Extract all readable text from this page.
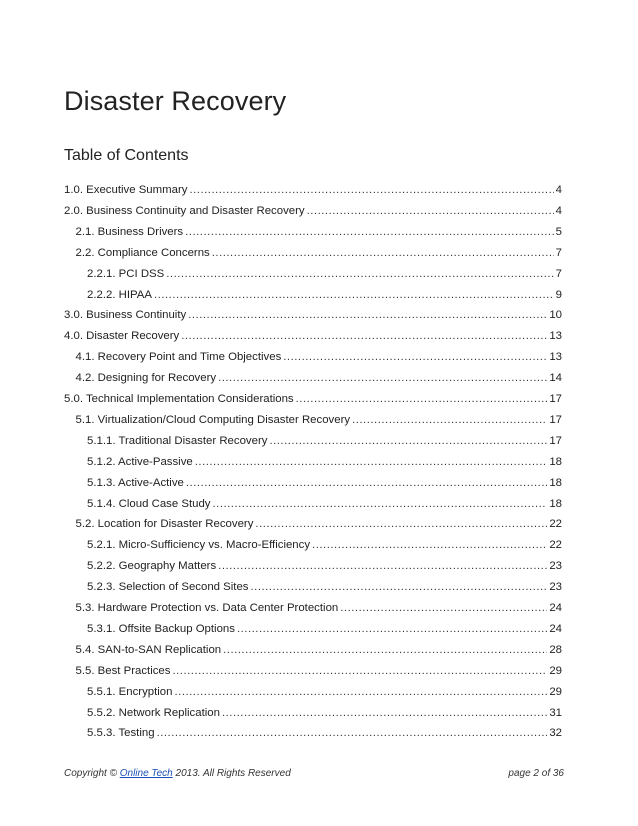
Disaster Recovery
Table of Contents
1.0. Executive Summary .....	4
2.0. Business Continuity and Disaster Recovery .....	4
2.1. Business Drivers .....	5
2.2. Compliance Concerns .....	7
2.2.1. PCI DSS .....	7
2.2.2. HIPAA .....	9
3.0. Business Continuity .....	10
4.0. Disaster Recovery .....	13
4.1. Recovery Point and Time Objectives .....	13
4.2. Designing for Recovery .....	14
5.0. Technical Implementation Considerations .....	17
5.1. Virtualization/Cloud Computing Disaster Recovery .....	17
5.1.1. Traditional Disaster Recovery .....	17
5.1.2. Active-Passive .....	18
5.1.3. Active-Active .....	18
5.1.4. Cloud Case Study .....	18
5.2. Location for Disaster Recovery .....	22
5.2.1. Micro-Sufficiency vs. Macro-Efficiency .....	22
5.2.2. Geography Matters .....	23
5.2.3. Selection of Second Sites .....	23
5.3. Hardware Protection vs. Data Center Protection .....	24
5.3.1. Offsite Backup Options .....	24
5.4. SAN-to-SAN Replication .....	28
5.5. Best Practices .....	29
5.5.1. Encryption .....	29
5.5.2. Network Replication .....	31
5.5.3. Testing .....	32
Copyright © Online Tech 2013. All Rights Reserved	page 2 of 36
